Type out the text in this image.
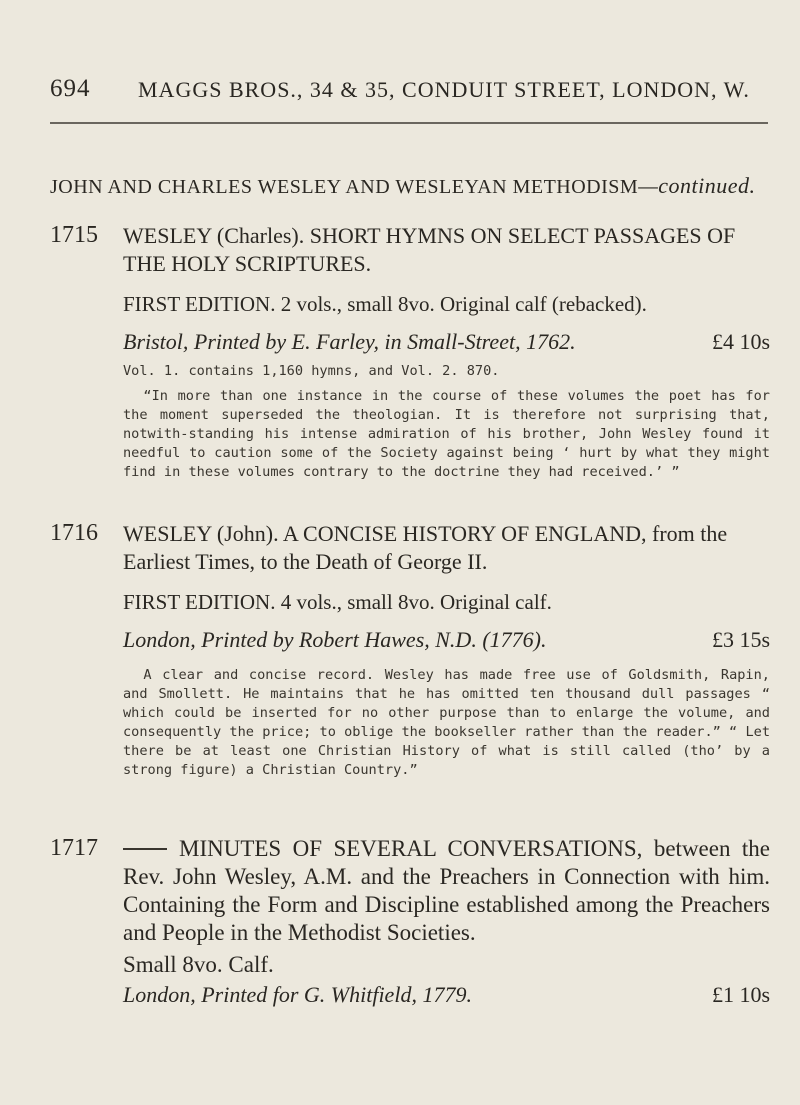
694 MAGGS BROS., 34 & 35, CONDUIT STREET, LONDON, W.
JOHN AND CHARLES WESLEY AND WESLEYAN METHODISM—continued.
1715 WESLEY (Charles). SHORT HYMNS ON SELECT PASSAGES OF THE HOLY SCRIPTURES.
FIRST EDITION. 2 vols., small 8vo. Original calf (rebacked).
Bristol, Printed by E. Farley, in Small-Street, 1762.	£4 10s
Vol. 1. contains 1,160 hymns, and Vol. 2. 870.
“In more than one instance in the course of these volumes the poet has for the moment superseded the theologian. It is therefore not surprising that, notwith-standing his intense admiration of his brother, John Wesley found it needful to caution some of the Society against being ‘ hurt by what they might find in these volumes contrary to the doctrine they had received.’ ”
1716 WESLEY (John). A CONCISE HISTORY OF ENGLAND, from the Earliest Times, to the Death of George II.
FIRST EDITION. 4 vols., small 8vo. Original calf.
London, Printed by Robert Hawes, N.D. (1776).	£3 15s
A clear and concise record. Wesley has made free use of Goldsmith, Rapin, and Smollett. He maintains that he has omitted ten thousand dull passages “ which could be inserted for no other purpose than to enlarge the volume, and consequently the price; to oblige the bookseller rather than the reader.” “ Let there be at least one Christian History of what is still called (tho’ by a strong figure) a Christian Country.”
1717	MINUTES OF SEVERAL CONVERSATIONS, between the Rev. John Wesley, A.M. and the Preachers in Connection with him. Containing the Form and Discipline established among the Preachers and People in the Methodist Societies.
Small 8vo. Calf.
London, Printed for G. Whitfield, 1779.	£1 10s
